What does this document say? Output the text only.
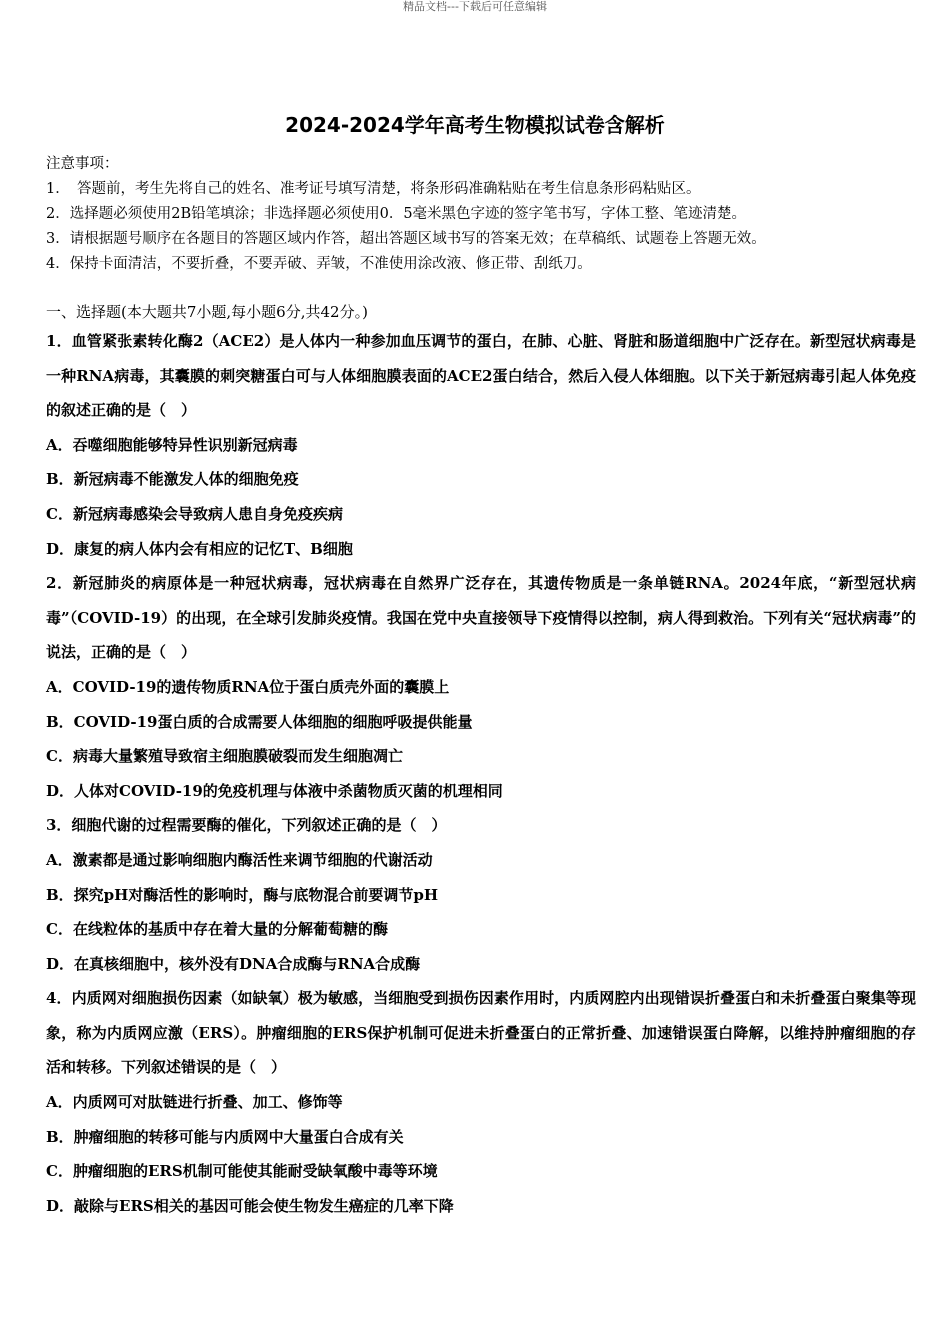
精品文档---下载后可任意编辑
2024-2024学年高考生物模拟试卷含解析
注意事项：
1．　答题前，考生先将自己的姓名、准考证号填写清楚，将条形码准确粘贴在考生信息条形码粘贴区。
2．选择题必须使用2B铅笔填涂；非选择题必须使用0．5毫米黑色字迹的签字笔书写，字体工整、笔迹清楚。
3．请根据题号顺序在各题目的答题区域内作答，超出答题区域书写的答案无效；在草稿纸、试题卷上答题无效。
4．保持卡面清洁，不要折叠，不要弄破、弄皱，不准使用涂改液、修正带、刮纸刀。
一、选择题(本大题共7小题,每小题6分,共42分。)
1．血管紧张素转化酶2（ACE2）是人体内一种参加血压调节的蛋白，在肺、心脏、肾脏和肠道细胞中广泛存在。新型冠状病毒是一种RNA病毒，其囊膜的刺突糖蛋白可与人体细胞膜表面的ACE2蛋白结合，然后入侵人体细胞。以下关于新冠病毒引起人体免疫的叙述正确的是（　）
A．吞噬细胞能够特异性识别新冠病毒
B．新冠病毒不能激发人体的细胞免疫
C．新冠病毒感染会导致病人患自身免疫疾病
D．康复的病人体内会有相应的记忆T、B细胞
2．新冠肺炎的病原体是一种冠状病毒，冠状病毒在自然界广泛存在，其遗传物质是一条单链RNA。2024年底，“新型冠状病毒”（COVID-19）的出现，在全球引发肺炎疫情。我国在党中央直接领导下疫情得以控制，病人得到救治。下列有关“冠状病毒”的说法，正确的是（　）
A．COVID-19的遗传物质RNA位于蛋白质壳外面的囊膜上
B．COVID-19蛋白质的合成需要人体细胞的细胞呼吸提供能量
C．病毒大量繁殖导致宿主细胞膜破裂而发生细胞凋亡
D．人体对COVID-19的免疫机理与体液中杀菌物质灭菌的机理相同
3．细胞代谢的过程需要酶的催化，下列叙述正确的是（　）
A．激素都是通过影响细胞内酶活性来调节细胞的代谢活动
B．探究pH对酶活性的影响时，酶与底物混合前要调节pH
C．在线粒体的基质中存在着大量的分解葡萄糖的酶
D．在真核细胞中，核外没有DNA合成酶与RNA合成酶
4．内质网对细胞损伤因素（如缺氧）极为敏感，当细胞受到损伤因素作用时，内质网腔内出现错误折叠蛋白和未折叠蛋白聚集等现象，称为内质网应激（ERS）。肿瘤细胞的ERS保护机制可促进未折叠蛋白的正常折叠、加速错误蛋白降解，以维持肿瘤细胞的存活和转移。下列叙述错误的是（　）
A．内质网可对肽链进行折叠、加工、修饰等
B．肿瘤细胞的转移可能与内质网中大量蛋白合成有关
C．肿瘤细胞的ERS机制可能使其能耐受缺氧酸中毒等环境
D．敲除与ERS相关的基因可能会使生物发生癌症的几率下降
